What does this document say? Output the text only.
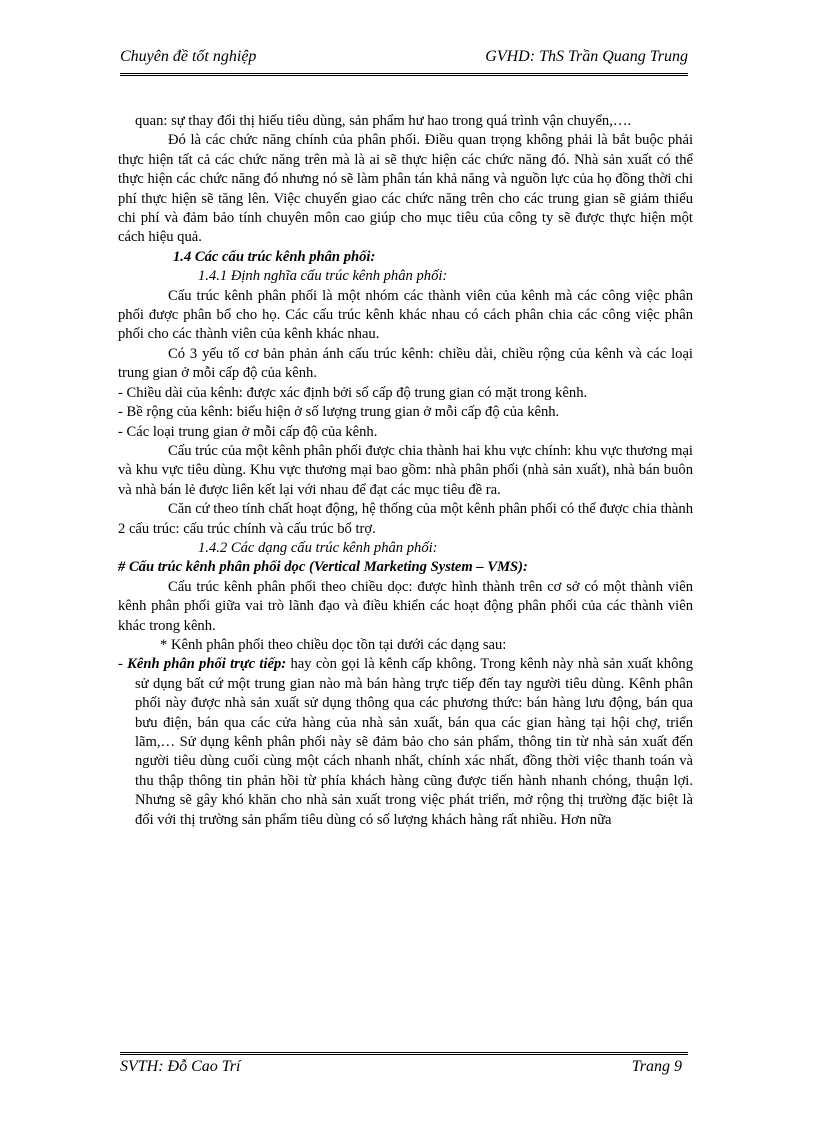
Chuyên đề tốt nghiệp	GVHD: ThS Trần Quang Trung

quan: sự thay đổi thị hiếu tiêu dùng, sản phẩm hư hao trong quá trình vận chuyển,….

Đó là các chức năng chính của phân phối. Điều quan trọng không phải là bắt buộc phải thực hiện tất cả các chức năng trên mà là ai sẽ thực hiện các chức năng đó. Nhà sản xuất có thể thực hiện các chức năng đó nhưng nó sẽ làm phân tán khả năng và nguồn lực của họ đồng thời chi phí thực hiện sẽ tăng lên. Việc chuyển giao các chức năng trên cho các trung gian sẽ giảm thiểu chi phí và đảm bảo tính chuyên môn cao giúp cho mục tiêu của công ty sẽ được thực hiện một cách hiệu quả.

1.4 Các cấu trúc kênh phân phối:

1.4.1 Định nghĩa cấu trúc kênh phân phối:

Cấu trúc kênh phân phối là một nhóm các thành viên của kênh mà các công việc phân phối được phân bổ cho họ. Các cấu trúc kênh khác nhau có cách phân chia các công việc phân phối cho các thành viên của kênh khác nhau.

Có 3 yếu tố cơ bản phản ánh cấu trúc kênh: chiều dài, chiều rộng của kênh và các loại trung gian ở mỗi cấp độ của kênh.

- Chiều dài của kênh: được xác định bởi số cấp độ trung gian có mặt trong kênh.

- Bề rộng của kênh: biểu hiện ở số lượng trung gian ở mỗi cấp độ của kênh.

- Các loại trung gian ở mỗi cấp độ của kênh.

Cấu trúc của một kênh phân phối được chia thành hai khu vực chính: khu vực thương mại và khu vực tiêu dùng. Khu vực thương mại bao gồm: nhà phân phối (nhà sản xuất), nhà bán buôn và nhà bán lẻ được liên kết lại với nhau để đạt các mục tiêu đề ra.

Căn cứ theo tính chất hoạt động, hệ thống của một kênh phân phối có thể được chia thành 2 cấu trúc: cấu trúc chính và cấu trúc bổ trợ.

1.4.2 Các dạng cấu trúc kênh phân phối:

# Cấu trúc kênh phân phối dọc (Vertical Marketing System – VMS):

Cấu trúc kênh phân phối theo chiều dọc: được hình thành trên cơ sở có một thành viên kênh phân phối giữa vai trò lãnh đạo và điều khiển các hoạt động phân phối của các thành viên khác trong kênh.

* Kênh phân phối theo chiều dọc tồn tại dưới các dạng sau:

- Kênh phân phối trực tiếp: hay còn gọi là kênh cấp không. Trong kênh này nhà sản xuất không sử dụng bất cứ một trung gian nào mà bán hàng trực tiếp đến tay người tiêu dùng. Kênh phân phối này được nhà sản xuất sử dụng thông qua các phương thức: bán hàng lưu động, bán qua bưu điện, bán qua các cửa hàng của nhà sản xuất, bán qua các gian hàng tại hội chợ, triển lãm,… Sử dụng kênh phân phối này sẽ đảm bảo cho sản phẩm, thông tin từ nhà sản xuất đến người tiêu dùng cuối cùng một cách nhanh nhất, chính xác nhất, đồng thời việc thanh toán và thu thập thông tin phản hồi từ phía khách hàng cũng được tiến hành nhanh chóng, thuận lợi. Nhưng sẽ gây khó khăn cho nhà sản xuất trong việc phát triển, mở rộng thị trường đặc biệt là đối với thị trường sản phẩm tiêu dùng có số lượng khách hàng rất nhiều. Hơn nữa

SVTH: Đỗ Cao Trí	Trang 9
